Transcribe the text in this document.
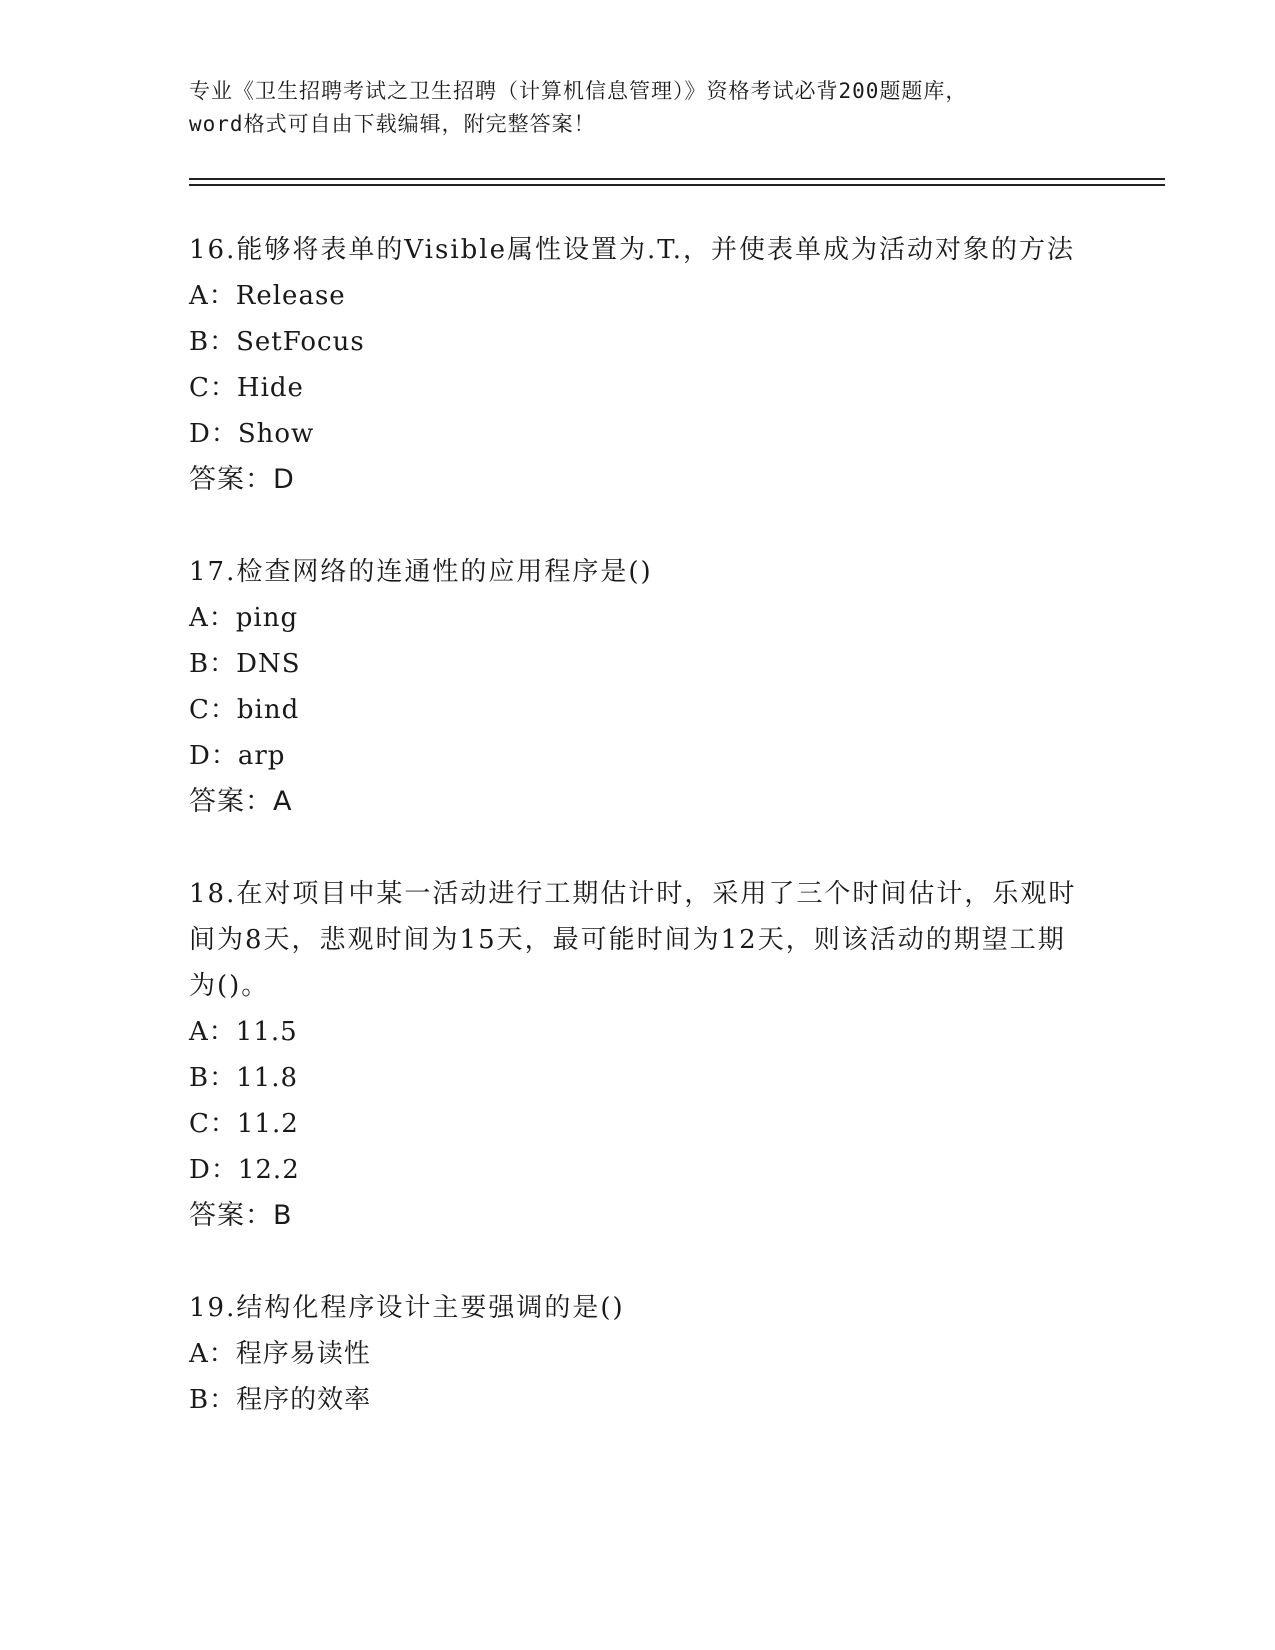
专业《卫生招聘考试之卫生招聘（计算机信息管理）》资格考试必背200题题库，
word格式可自由下载编辑，附完整答案！
16.能够将表单的Visible属性设置为.T.，并使表单成为活动对象的方法
A：Release
B：SetFocus
C：Hide
D：Show
答案：D
17.检查网络的连通性的应用程序是()
A：ping
B：DNS
C：bind
D：arp
答案：A
18.在对项目中某一活动进行工期估计时，采用了三个时间估计，乐观时间为8天，悲观时间为15天，最可能时间为12天，则该活动的期望工期为()。
A：11.5
B：11.8
C：11.2
D：12.2
答案：B
19.结构化程序设计主要强调的是()
A：程序易读性
B：程序的效率
